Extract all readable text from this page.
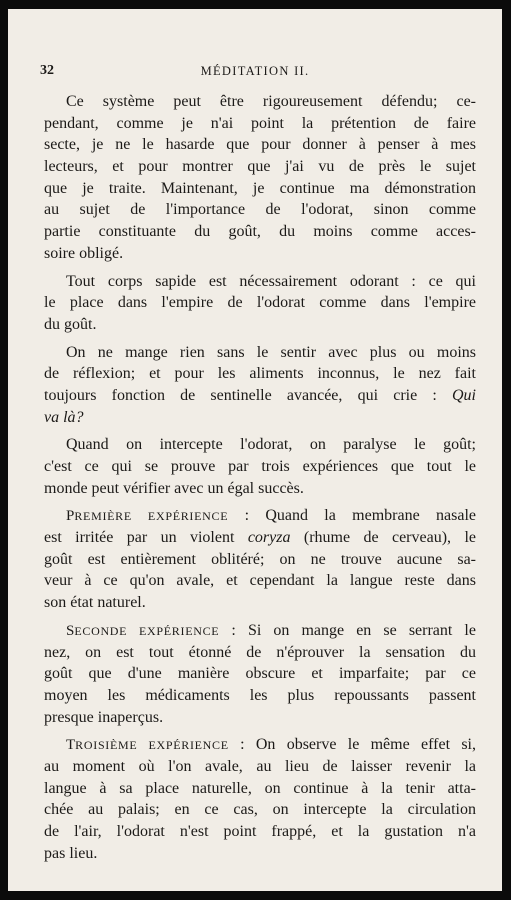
32	MÉDITATION II.
Ce système peut être rigoureusement défendu; ce-
pendant, comme je n'ai point la prétention de faire
secte, je ne le hasarde que pour donner à penser à mes
lecteurs, et pour montrer que j'ai vu de près le sujet
que je traite. Maintenant, je continue ma démonstration
au sujet de l'importance de l'odorat, sinon comme
partie constituante du goût, du moins comme acces-
soire obligé.
Tout corps sapide est nécessairement odorant : ce qui
le place dans l'empire de l'odorat comme dans l'empire
du goût.
On ne mange rien sans le sentir avec plus ou moins
de réflexion; et pour les aliments inconnus, le nez fait
toujours fonction de sentinelle avancée, qui crie : Qui
va là?
Quand on intercepte l'odorat, on paralyse le goût;
c'est ce qui se prouve par trois expériences que tout le
monde peut vérifier avec un égal succès.
PREMIÈRE EXPÉRIENCE : Quand la membrane nasale
est irritée par un violent coryza (rhume de cerveau), le
goût est entièrement oblitéré; on ne trouve aucune sa-
veur à ce qu'on avale, et cependant la langue reste dans
son état naturel.
SECONDE EXPÉRIENCE : Si on mange en se serrant le
nez, on est tout étonné de n'éprouver la sensation du
goût que d'une manière obscure et imparfaite; par ce
moyen les médicaments les plus repoussants passent
presque inaperçus.
TROISIÈME EXPÉRIENCE : On observe le même effet si,
au moment où l'on avale, au lieu de laisser revenir la
langue à sa place naturelle, on continue à la tenir atta-
chée au palais; en ce cas, on intercepte la circulation
de l'air, l'odorat n'est point frappé, et la gustation n'a
pas lieu.
